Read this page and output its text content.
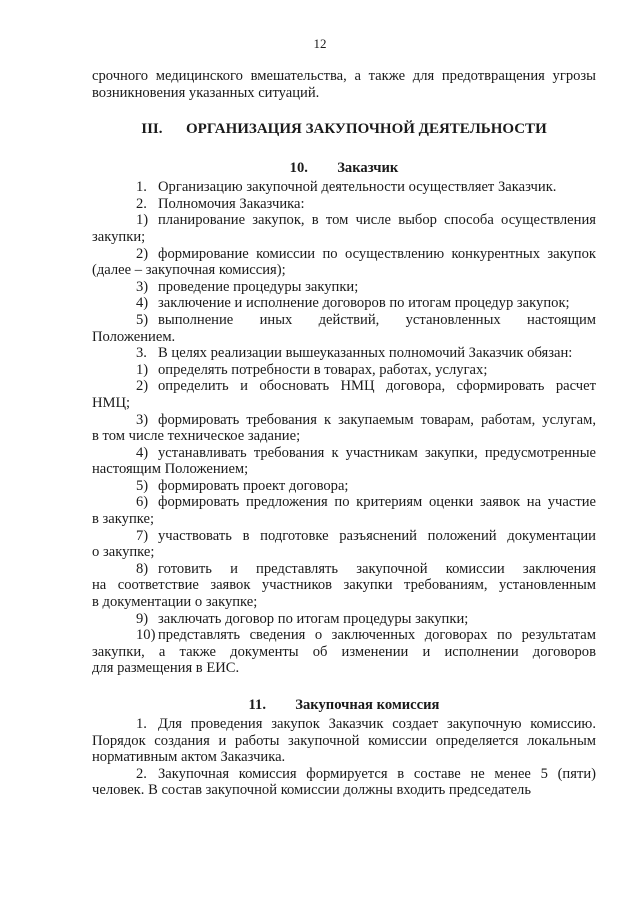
12

срочного медицинского вмешательства, а также для предотвращения угрозы

возникновения указанных ситуаций.

III. ОРГАНИЗАЦИЯ ЗАКУПОЧНОЙ ДЕЯТЕЛЬНОСТИ
10. Заказчик
1. Организацию закупочной деятельности осуществляет Заказчик.
2. Полномочия Заказчика:
1) планирование закупок, в том числе выбор способа осуществления

закупки;

2) формирование комиссии по осуществлению конкурентных закупок

(далее – закупочная комиссия);

3) проведение процедуры закупки;
4) заключение и исполнение договоров по итогам процедур закупок;
5) выполнение иных действий, установленных настоящим

Положением.

3. В целях реализации вышеуказанных полномочий Заказчик обязан:
1) определять потребности в товарах, работах, услугах;
2) определить и обосновать НМЦ договора, сформировать расчет

НМЦ;

3) формировать требования к закупаемым товарам, работам, услугам,

в том числе техническое задание;

4) устанавливать требования к участникам закупки, предусмотренные

настоящим Положением;

5) формировать проект договора;
6) формировать предложения по критериям оценки заявок на участие

в закупке;

7) участвовать в подготовке разъяснений положений документации

о закупке;

8) готовить и представлять закупочной комиссии заключения

на соответствие заявок участников закупки требованиям, установленным

в документации о закупке;

9) заключать договор по итогам процедуры закупки;
10) представлять сведения о заключенных договорах по результатам

закупки, а также документы об изменении и исполнении договоров

для размещения в ЕИС.

11. Закупочная комиссия
1. Для проведения закупок Заказчик создает закупочную комиссию.

Порядок создания и работы закупочной комиссии определяется локальным

нормативным актом Заказчика.

2. Закупочная комиссия формируется в составе не менее 5 (пяти)

человек. В состав закупочной комиссии должны входить председатель
